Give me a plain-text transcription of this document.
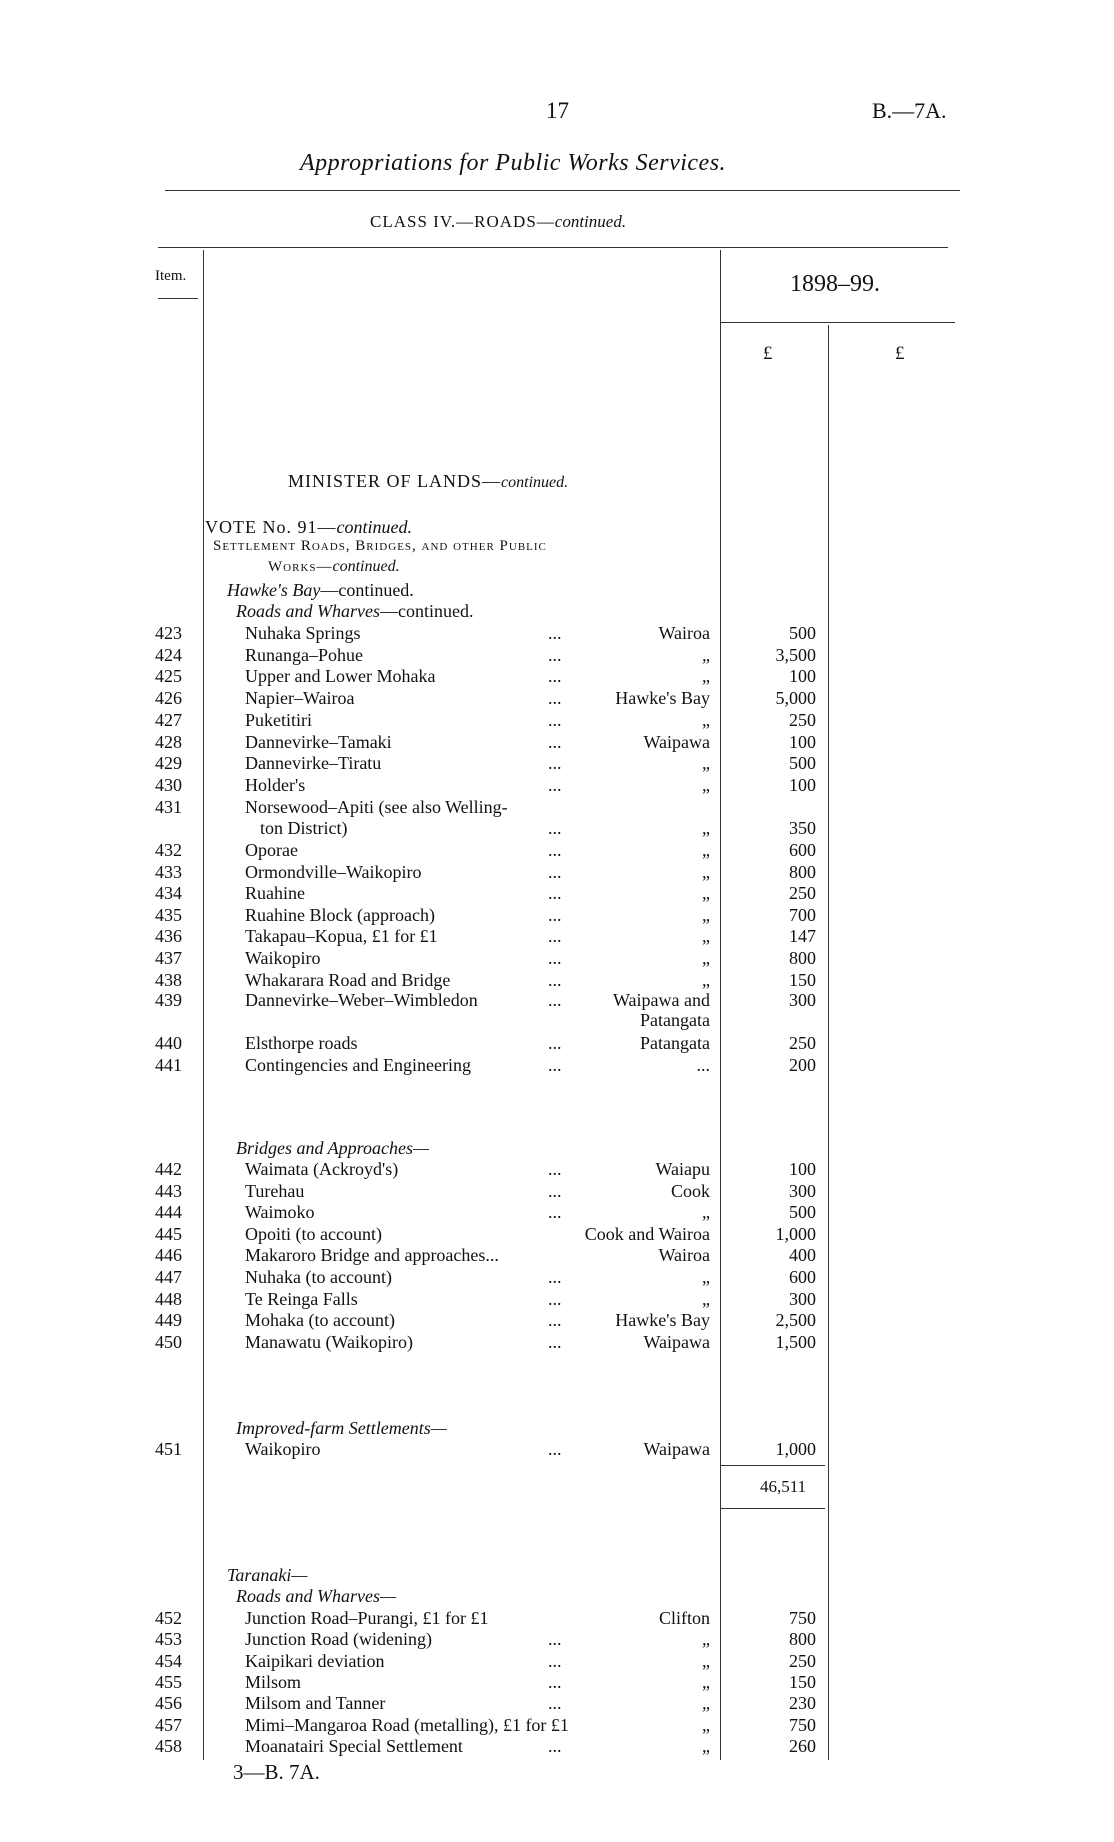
17	B.—7A.
Appropriations for Public Works Services.
CLASS IV.—ROADS—continued.
Item.	1898–99.
£	£
MINISTER OF LANDS—continued.
VOTE No. 91—continued.
Settlement Roads, Bridges, and other Public
Works—continued.
Hawke's Bay—continued.
Roads and Wharves—continued.
423	Nuhaka Springs	...	Wairoa	500
424	Runanga–Pohue	...	„	3,500
425	Upper and Lower Mohaka	...	„	100
426	Napier–Wairoa	...	Hawke's Bay	5,000
427	Puketitiri	...	„	250
428	Dannevirke–Tamaki	...	Waipawa	100
429	Dannevirke–Tiratu	...	„	500
430	Holder's	...	„	100
431	Norsewood–Apiti (see also Welling-
ton District)	...	„	350
432	Oporae	...	„	600
433	Ormondville–Waikopiro	...	„	800
434	Ruahine	...	„	250
435	Ruahine Block (approach)	...	„	700
436	Takapau–Kopua, £1 for £1	...	„	147
437	Waikopiro	...	„	800
438	Whakarara Road and Bridge	...	„	150
439	Dannevirke–Weber–Wimbledon	...	Waipawa and	300
Patangata
440	Elsthorpe roads	...	Patangata	250
441	Contingencies and Engineering	...	...	200
Bridges and Approaches—
442	Waimata (Ackroyd's)	...	Waiapu	100
443	Turehau	...	Cook	300
444	Waimoko	...	„	500
445	Opoiti (to account)	Cook and Wairoa	1,000
446	Makaroro Bridge and approaches...	Wairoa	400
447	Nuhaka (to account)	...	„	600
448	Te Reinga Falls	...	„	300
449	Mohaka (to account)	...	Hawke's Bay	2,500
450	Manawatu (Waikopiro)	...	Waipawa	1,500
Improved-farm Settlements—
451	Waikopiro	...	Waipawa	1,000
46,511
Taranaki—
Roads and Wharves—
452	Junction Road–Purangi, £1 for £1	Clifton	750
453	Junction Road (widening)	...	„	800
454	Kaipikari deviation	...	„	250
455	Milsom	...	„	150
456	Milsom and Tanner	...	„	230
457	Mimi–Mangaroa Road (metalling), £1 for £1	„	750
458	Moanatairi Special Settlement	...	„	260
3—B. 7A.
